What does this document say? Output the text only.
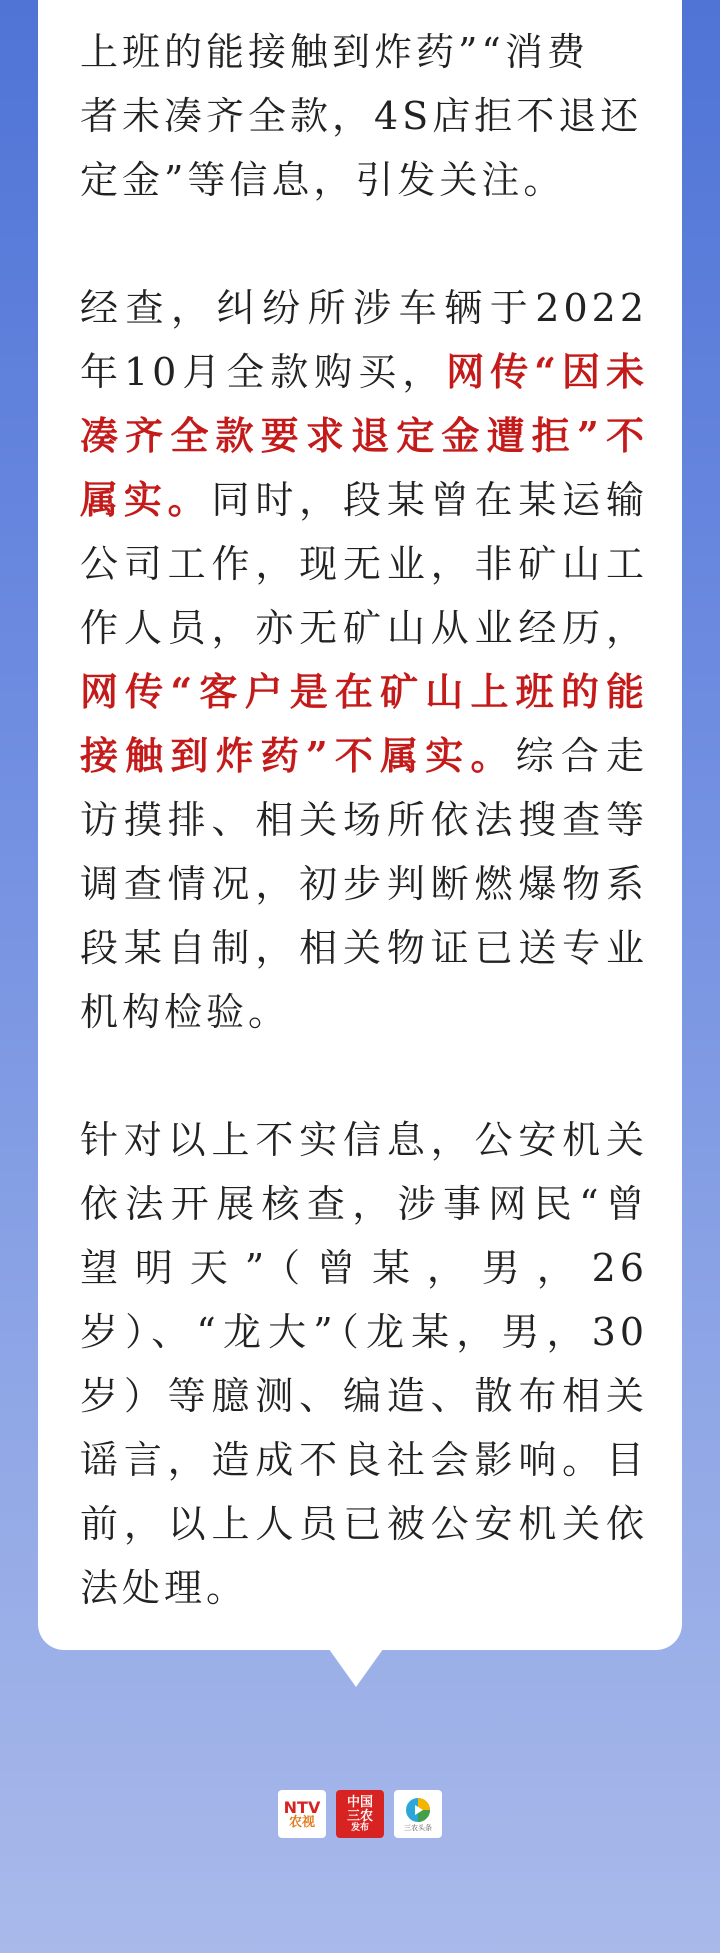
上班的能接触到炸药”“消费
者未凑齐全款，4S店拒不退还
定金”等信息，引发关注。

经查，纠纷所涉车辆于2022年10月全款购买，网传“因未凑齐全款要求退定金遭拒”不属实。同时，段某曾在某运输公司工作，现无业，非矿山工作人员，亦无矿山从业经历，网传“客户是在矿山上班的能接触到炸药”不属实。综合走访摸排、相关场所依法搜查等调查情况，初步判断燃爆物系段某自制，相关物证已送专业机构检验。

针对以上不实信息，公安机关依法开展核查，涉事网民“曾望明天”（曾某，男，26岁）、“龙大”（龙某，男，30岁）等臆测、编造、散布相关谣言，造成不良社会影响。目前，以上人员已被公安机关依法处理。

NTV
农视
中国
三农
发布	三农头条
